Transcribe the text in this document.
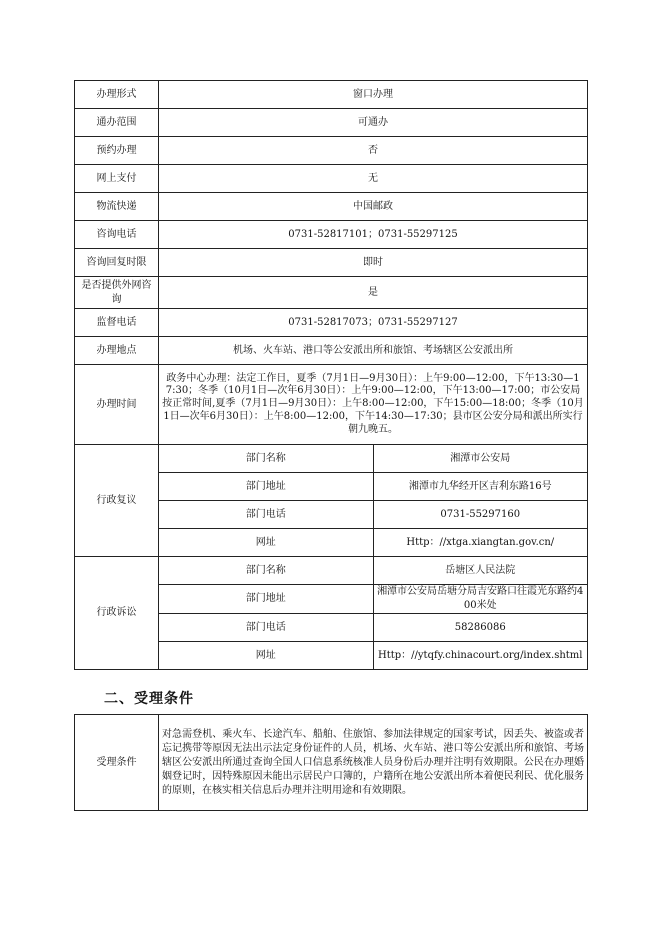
办理形式	窗口办理	
通办范围	可通办	
预约办理	否	
网上支付	无	
物流快递	中国邮政	
咨询电话	0731-52817101；0731-55297125	
咨询回复时限	即时	
是否提供外网咨询	是	
监督电话	0731-52817073；0731-55297127	
办理地点	机场、火车站、港口等公安派出所和旅馆、考场辖区公安派出所	
办理时间	政务中心办理：法定工作日，夏季（7月1日—9月30日）：上午9:00—12:00，下午13:30—17:30；冬季（10月1日—次年6月30日）：上午9:00—12:00，下午13:00—17:00；市公安局按正常时间,夏季（7月1日—9月30日）：上午8:00—12:00，下午15:00—18:00；冬季（10月1日—次年6月30日）：上午8:00—12:00，下午14:30—17:30；县市区公安分局和派出所实行朝九晚五。	
行政复议	部门名称	湘潭市公安局
	部门地址	湘潭市九华经开区吉利东路16号
	部门电话	0731-55297160
	网址	Http：//xtga.xiangtan.gov.cn/
行政诉讼	部门名称	岳塘区人民法院
	部门地址	湘潭市公安局岳塘分局吉安路口往霞光东路约400米处
	部门电话	58286086
	网址	Http：//ytqfy.chinacourt.org/index.shtml
二、受理条件
受理条件	对急需登机、乘火车、长途汽车、船舶、住旅馆、参加法律规定的国家考试，因丢失、被盗或者忘记携带等原因无法出示法定身份证件的人员，机场、火车站、港口等公安派出所和旅馆、考场辖区公安派出所通过查询全国人口信息系统核准人员身份后办理并注明有效期限。公民在办理婚姻登记时，因特殊原因未能出示居民户口簿的，户籍所在地公安派出所本着便民利民、优化服务的原则，在核实相关信息后办理并注明用途和有效期限。
